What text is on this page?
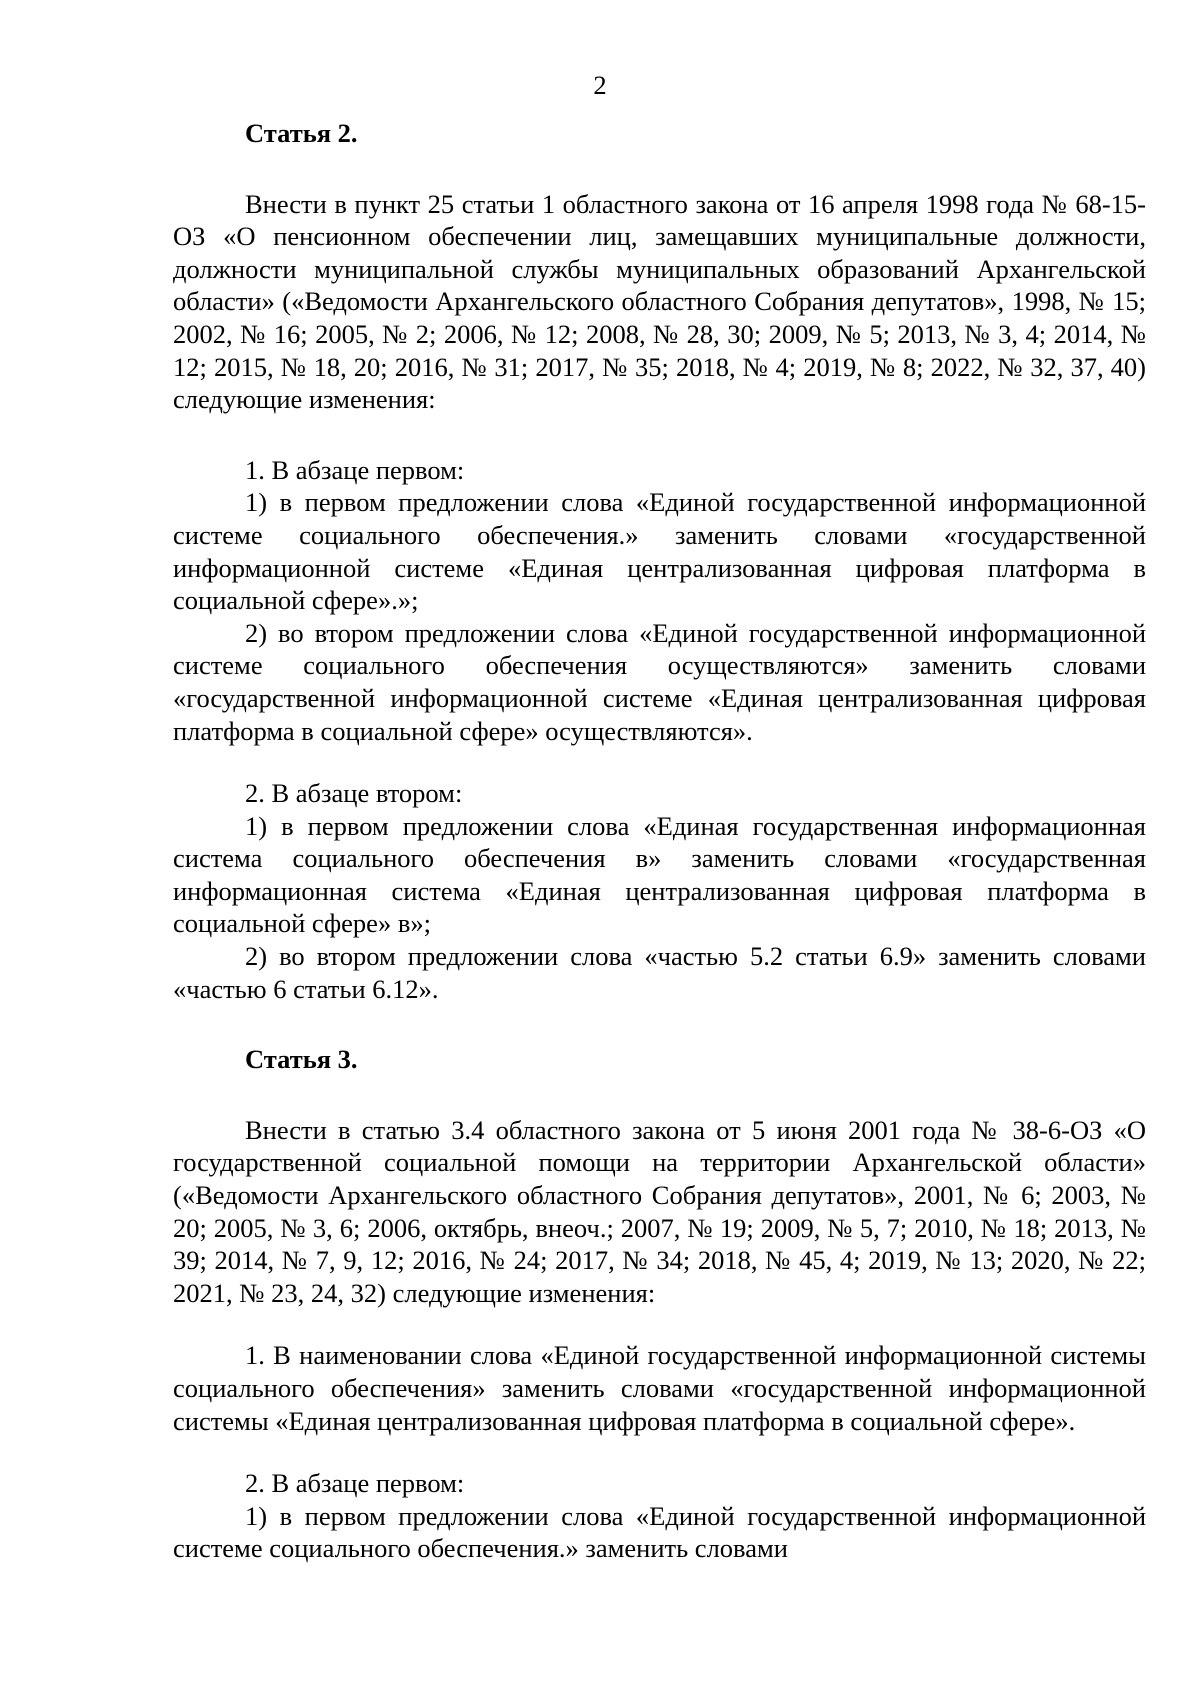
2
Статья 2.

Внести в пункт 25 статьи 1 областного закона от 16 апреля 1998 года № 68-15-ОЗ «О пенсионном обеспечении лиц, замещавших муниципальные должности, должности муниципальной службы муниципальных образований Архангельской области» («Ведомости Архангельского областного Собрания депутатов», 1998, № 15; 2002, № 16; 2005, № 2; 2006, № 12; 2008, № 28, 30; 2009, № 5; 2013, № 3, 4; 2014, № 12; 2015, № 18, 20; 2016, № 31; 2017, № 35; 2018, № 4; 2019, № 8; 2022, № 32, 37, 40) следующие изменения:

1. В абзаце первом:

1) в первом предложении слова «Единой государственной информационной системе социального обеспечения.» заменить словами «государственной информационной системе «Единая централизованная цифровая платформа в социальной сфере».»;

2) во втором предложении слова «Единой государственной информационной системе социального обеспечения осуществляются» заменить словами «государственной информационной системе «Единая централизованная цифровая платформа в социальной сфере» осуществляются».

2. В абзаце втором:

1) в первом предложении слова «Единая государственная информационная система социального обеспечения в» заменить словами «государственная информационная система «Единая централизованная цифровая платформа в социальной сфере» в»;

2) во втором предложении слова «частью 5.2 статьи 6.9» заменить словами «частью 6 статьи 6.12».

Статья 3.

Внести в статью 3.4 областного закона от 5 июня 2001 года № 38-6-ОЗ «О государственной социальной помощи на территории Архангельской области» («Ведомости Архангельского областного Собрания депутатов», 2001, № 6; 2003, № 20; 2005, № 3, 6; 2006, октябрь, внеоч.; 2007, № 19; 2009, № 5, 7; 2010, № 18; 2013, № 39; 2014, № 7, 9, 12; 2016, № 24; 2017, № 34; 2018, № 45, 4; 2019, № 13; 2020, № 22; 2021, № 23, 24, 32) следующие изменения:

1. В наименовании слова «Единой государственной информационной системы социального обеспечения» заменить словами «государственной информационной системы «Единая централизованная цифровая платформа в социальной сфере».

2. В абзаце первом:

1) в первом предложении слова «Единой государственной информационной системе социального обеспечения.» заменить словами
